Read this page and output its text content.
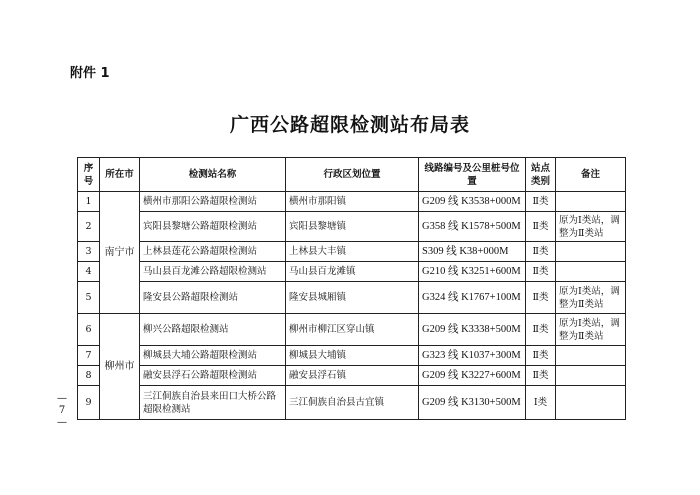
附件 1
广西公路超限检测站布局表
—
7
—
序号	所在市	检测站名称	行政区划位置	线路编号及公里桩号位置	站点类别	备注
1	南宁市	横州市那阳公路超限检测站	横州市那阳镇	G209 线 K3538+000M	Ⅱ类	
2		宾阳县黎塘公路超限检测站	宾阳县黎塘镇	G358 线 K1578+500M	Ⅱ类	原为Ⅰ类站，调整为Ⅱ类站
3		上林县莲花公路超限检测站	上林县大丰镇	S309 线 K38+000M	Ⅱ类	
4		马山县百龙滩公路超限检测站	马山县百龙滩镇	G210 线 K3251+600M	Ⅱ类	
5		隆安县公路超限检测站	隆安县城厢镇	G324 线 K1767+100M	Ⅱ类	原为Ⅰ类站，调整为Ⅱ类站
6	柳州市	柳兴公路超限检测站	柳州市柳江区穿山镇	G209 线 K3338+500M	Ⅱ类	原为Ⅰ类站，调整为Ⅱ类站
7		柳城县大埔公路超限检测站	柳城县大埔镇	G323 线 K1037+300M	Ⅱ类	
8		融安县浮石公路超限检测站	融安县浮石镇	G209 线 K3227+600M	Ⅱ类	
9		三江侗族自治县来田口大桥公路超限检测站	三江侗族自治县古宜镇	G209 线 K3130+500M	Ⅰ类	
